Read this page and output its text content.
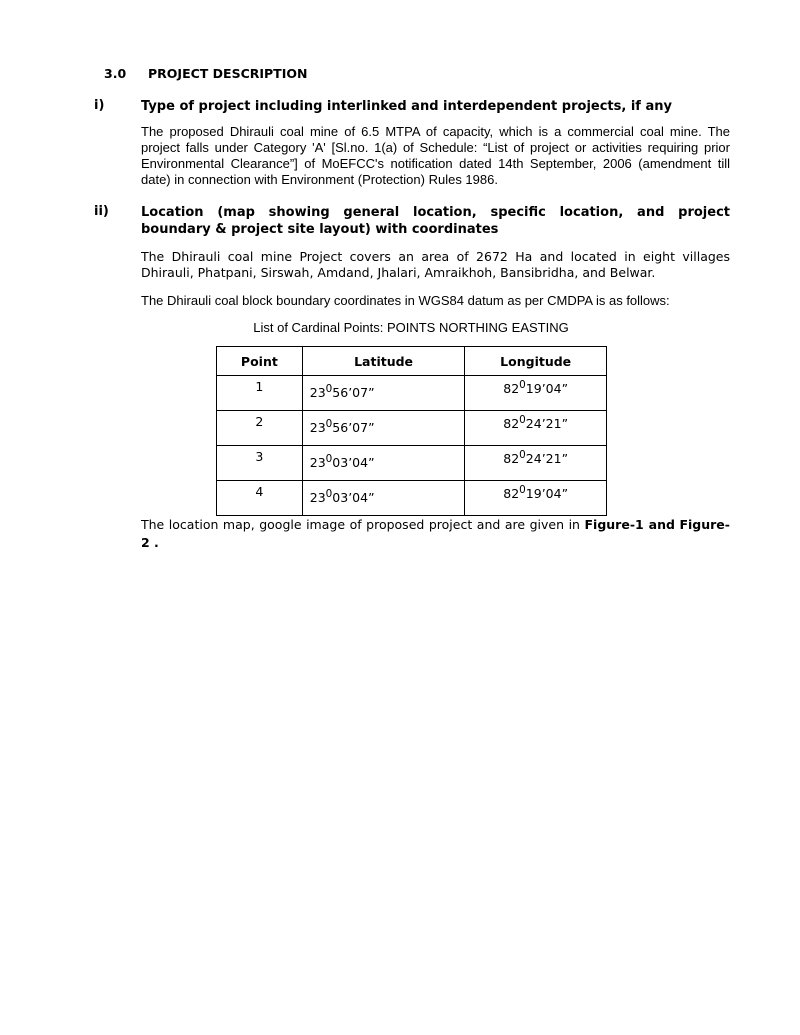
3.0 PROJECT DESCRIPTION
i)	Type of project including interlinked and interdependent projects, if any
The proposed Dhirauli coal mine of 6.5 MTPA of capacity, which is a commercial coal mine. The project falls under Category 'A' [Sl.no. 1(a) of Schedule: “List of project or activities requiring prior Environmental Clearance”] of MoEFCC's notification dated 14th September, 2006 (amendment till date) in connection with Environment (Protection) Rules 1986.
ii) Location (map showing general location, specific location, and project boundary & project site layout) with coordinates
The Dhirauli coal mine Project covers an area of 2672 Ha and located in eight villages Dhirauli, Phatpani, Sirswah, Amdand, Jhalari, Amraikhoh, Bansibridha, and Belwar.
The Dhirauli coal block boundary coordinates in WGS84 datum as per CMDPA is as follows:
List of Cardinal Points: POINTS NORTHING EASTING
Point	Latitude	Longitude
1	$23^056’07$”	$82^019’04$”
2	$23^056’07$”	$82^024’21$”
3	$23^003’04$”	$82^024’21$”
4	$23^003’04$”	$82^019’04$”
The location map, google image of proposed project and are given in Figure-1 and Figure-2 .
